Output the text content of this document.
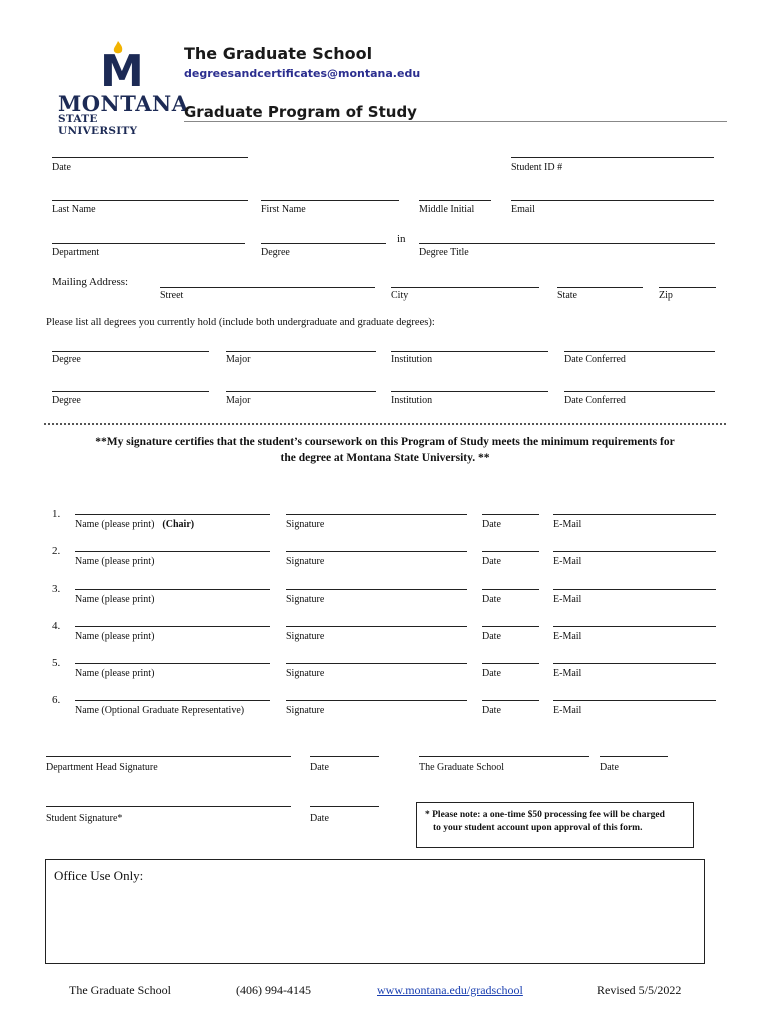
M
MONTANA
STATE UNIVERSITY
The Graduate School
degreesandcertificates@montana.edu
Graduate Program of Study
Date	Student ID #
Last Name	First Name	Middle Initial	Email
Department	Degree
in
Degree Title
Mailing Address:
Street	City	State	Zip
Please list all degrees you currently hold (include both undergraduate and graduate degrees):
Degree	Major	Institution	Date Conferred
Degree	Major	Institution	Date Conferred
**My signature certifies that the student’s coursework on this Program of Study meets the minimum requirements for
the degree at Montana State University. **
1.
Name (please print) (Chair)	Signature	Date	E-Mail
2.
Name (please print)	Signature	Date	E-Mail
3.
Name (please print)	Signature	Date	E-Mail
4.
Name (please print)	Signature	Date	E-Mail
5.
Name (please print)	Signature	Date	E-Mail
6.
Name (Optional Graduate Representative)	Signature	Date	E-Mail
Department Head Signature	Date	The Graduate School	Date
Student Signature*	Date	* Please note: a one-time $50 processing fee will be charged
to your student account upon approval of this form.
Office Use Only:
The Graduate School	(406) 994-4145	www.montana.edu/gradschool	Revised 5/5/2022
